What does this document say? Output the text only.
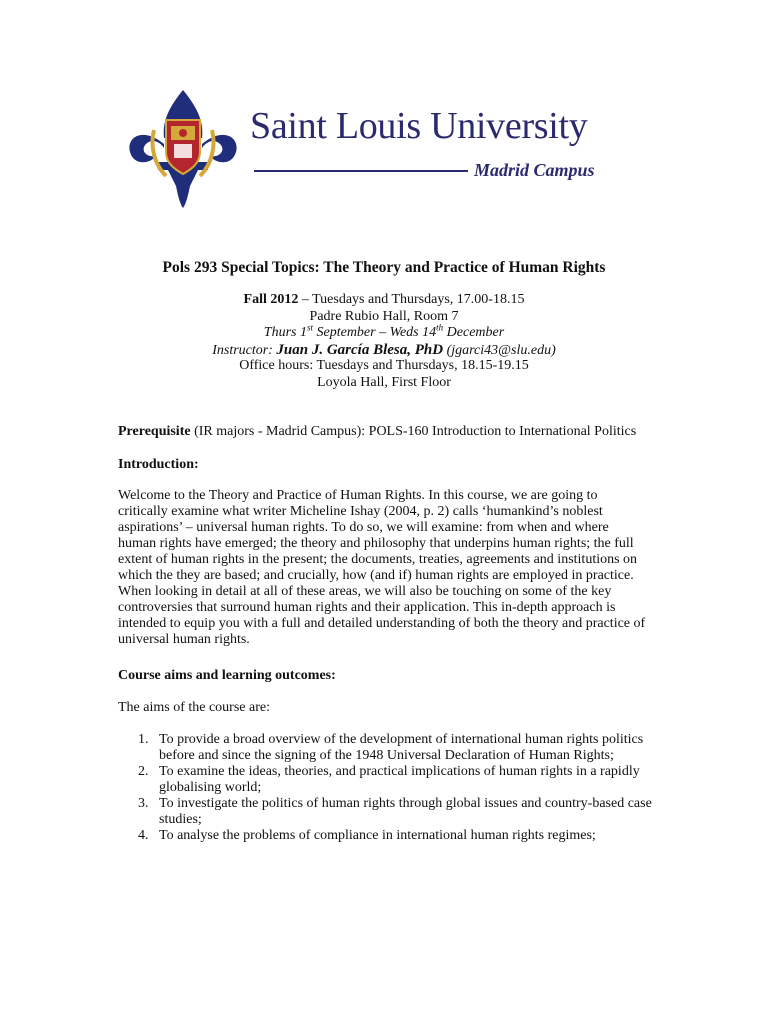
Saint Louis University
Madrid Campus
Pols 293 Special Topics: The Theory and Practice of Human Rights
Fall 2012 – Tuesdays and Thursdays, 17.00-18.15
Padre Rubio Hall, Room 7
Thurs 1st September – Weds 14th December
Instructor: Juan J. García Blesa, PhD (jgarci43@slu.edu)
Office hours: Tuesdays and Thursdays, 18.15-19.15
Loyola Hall, First Floor
Prerequisite (IR majors - Madrid Campus): POLS-160 Introduction to International Politics
Introduction:
Welcome to the Theory and Practice of Human Rights. In this course, we are going to critically examine what writer Micheline Ishay (2004, p. 2) calls ‘humankind’s noblest aspirations’ – universal human rights. To do so, we will examine: from when and where human rights have emerged; the theory and philosophy that underpins human rights; the full extent of human rights in the present; the documents, treaties, agreements and institutions on which the they are based; and crucially, how (and if) human rights are employed in practice. When looking in detail at all of these areas, we will also be touching on some of the key controversies that surround human rights and their application. This in-depth approach is intended to equip you with a full and detailed understanding of both the theory and practice of universal human rights.
Course aims and learning outcomes:
The aims of the course are:
1. To provide a broad overview of the development of international human rights politics before and since the signing of the 1948 Universal Declaration of Human Rights;
2. To examine the ideas, theories, and practical implications of human rights in a rapidly globalising world;
3. To investigate the politics of human rights through global issues and country-based case studies;
4. To analyse the problems of compliance in international human rights regimes;
